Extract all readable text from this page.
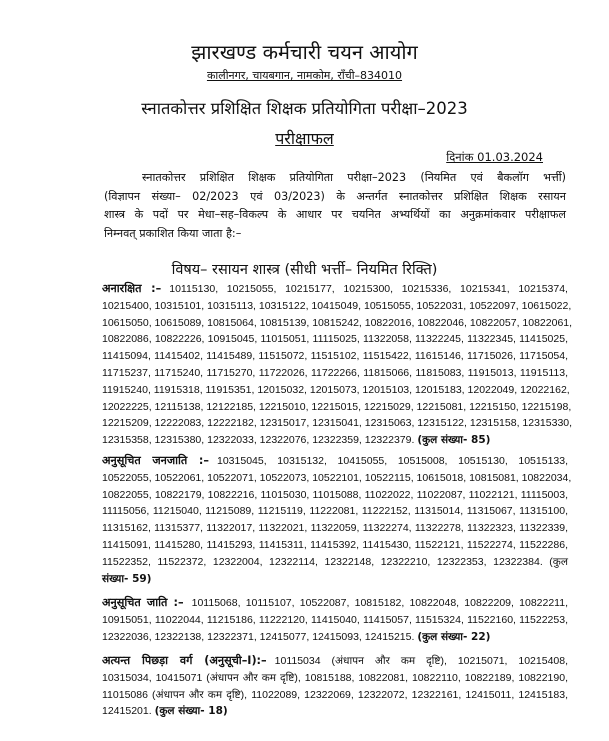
झारखण्ड कर्मचारी चयन आयोग
कालीनगर, चायबगान, नामकोम, राँची–834010
स्नातकोत्तर प्रशिक्षित शिक्षक प्रतियोगिता परीक्षा–2023
परीक्षाफल
दिनांक 01.03.2024
स्नातकोत्तर प्रशिक्षित शिक्षक प्रतियोगिता परीक्षा–2023 (नियमित एवं बैकलॉग भर्त्ती)
(विज्ञापन संख्या– 02/2023 एवं 03/2023) के अन्तर्गत स्नातकोत्तर प्रशिक्षित शिक्षक रसायन
शास्त्र के पदों पर मेधा–सह–विकल्प के आधार पर चयनित अभ्यर्थियों का अनुक्रमांकवार परीक्षाफल
निम्नवत् प्रकाशित किया जाता है:–
विषय– रसायन शास्त्र (सीधी भर्त्ती– नियमित रिक्ति)
अनारक्षित :– 10115130, 10215055, 10215177, 10215300, 10215336, 10215341, 10215374,
10215400, 10315101, 10315113, 10315122, 10415049, 10515055, 10522031, 10522097, 10615022,
10615050, 10615089, 10815064, 10815139, 10815242, 10822016, 10822046, 10822057, 10822061,
10822086, 10822226, 10915045, 11015051, 11115025, 11322058, 11322245, 11322345, 11415025,
11415094, 11415402, 11415489, 11515072, 11515102, 11515422, 11615146, 11715026, 11715054,
11715237, 11715240, 11715270, 11722026, 11722266, 11815066, 11815083, 11915013, 11915113,
11915240, 11915318, 11915351, 12015032, 12015073, 12015103, 12015183, 12022049, 12022162,
12022225, 12115138, 12122185, 12215010, 12215015, 12215029, 12215081, 12215150, 12215198,
12215209, 12222083, 12222182, 12315017, 12315041, 12315063, 12315122, 12315158, 12315330,
12315358, 12315380, 12322033, 12322076, 12322359, 12322379. (कुल संख्या- 85)
अनुसूचित जनजाति :– 10315045, 10315132, 10415055, 10515008, 10515130, 10515133,
10522055, 10522061, 10522071, 10522073, 10522101, 10522115, 10615018, 10815081, 10822034,
10822055, 10822179, 10822216, 11015030, 11015088, 11022022, 11022087, 11022121, 11115003,
11115056, 11215040, 11215089, 11215119, 11222081, 11222152, 11315014, 11315067, 11315100,
11315162, 11315377, 11322017, 11322021, 11322059, 11322274, 11322278, 11322323, 11322339,
11415091, 11415280, 11415293, 11415311, 11415392, 11415430, 11522121, 11522274, 11522286,
11522352, 11522372, 12322004, 12322114, 12322148, 12322210, 12322353, 12322384. (कुल
संख्या- 59)
अनुसूचित जाति :– 10115068, 10115107, 10522087, 10815182, 10822048, 10822209, 10822211,
10915051, 11022044, 11215186, 11222120, 11415040, 11415057, 11515324, 11522160, 11522253,
12322036, 12322138, 12322371, 12415077, 12415093, 12415215. (कुल संख्या- 22)
अत्यन्त पिछड़ा वर्ग (अनुसूची–I):– 10115034 (अंधापन और कम दृष्टि), 10215071, 10215408,
10315034, 10415071 (अंधापन और कम दृष्टि), 10815188, 10822081, 10822110, 10822189, 10822190,
11015086 (अंधापन और कम दृष्टि), 11022089, 12322069, 12322072, 12322161, 12415011, 12415183,
12415201. (कुल संख्या- 18)
